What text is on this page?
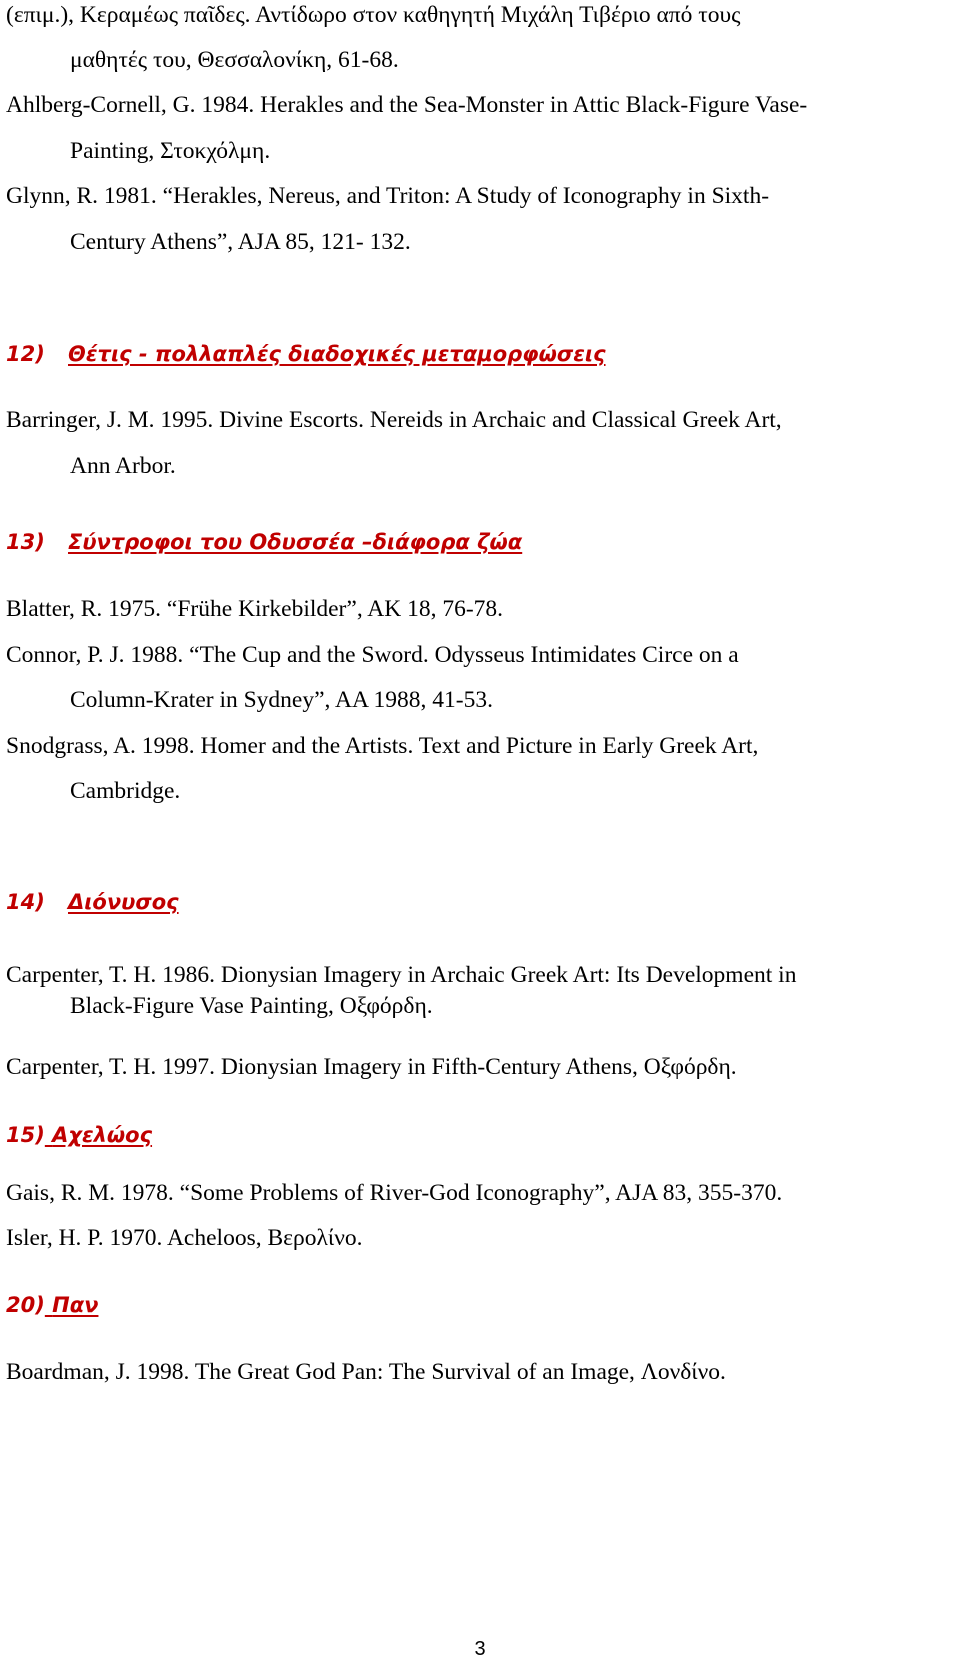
(επιμ.), Κεραμέως παῖδες. Αντίδωρο στον καθηγητή Μιχάλη Τιβέριο από τους

μαθητές του, Θεσσαλονίκη, 61-68.

Ahlberg-Cornell, G. 1984. Herakles and the Sea-Monster in Attic Black-Figure Vase-

Painting, Στοκχόλμη.

Glynn, R. 1981. “Herakles, Nereus, and Triton: A Study of Iconography in Sixth-

Century Athens”, AJA 85, 121- 132.

12) Θέτις - πολλαπλές διαδοχικές μεταμορφώσεις

Barringer, J. M. 1995. Divine Escorts. Nereids in Archaic and Classical Greek Art,

Ann Arbor.

13) Σύντροφοι του Οδυσσέα –διάφορα ζώα

Blatter, R. 1975. “Frühe Kirkebilder”, AK 18, 76-78.

Connor, P. J. 1988. “The Cup and the Sword. Odysseus Intimidates Circe on a

Column-Krater in Sydney”, AA 1988, 41-53.

Snodgrass, A. 1998. Homer and the Artists. Text and Picture in Early Greek Art,

Cambridge.

14) Διόνυσος

Carpenter, T. H. 1986. Dionysian Imagery in Archaic Greek Art: Its Development in

Black-Figure Vase Painting, Οξφόρδη.

Carpenter, T. H. 1997. Dionysian Imagery in Fifth-Century Athens, Οξφόρδη.

15) Αχελώος

Gais, R. M. 1978. “Some Problems of River-God Iconography”, AJA 83, 355-370.

Isler, H. P. 1970. Acheloos, Βερολίνο.

20) Παν

Boardman, J. 1998. The Great God Pan: The Survival of an Image, Λονδίνο.

3
